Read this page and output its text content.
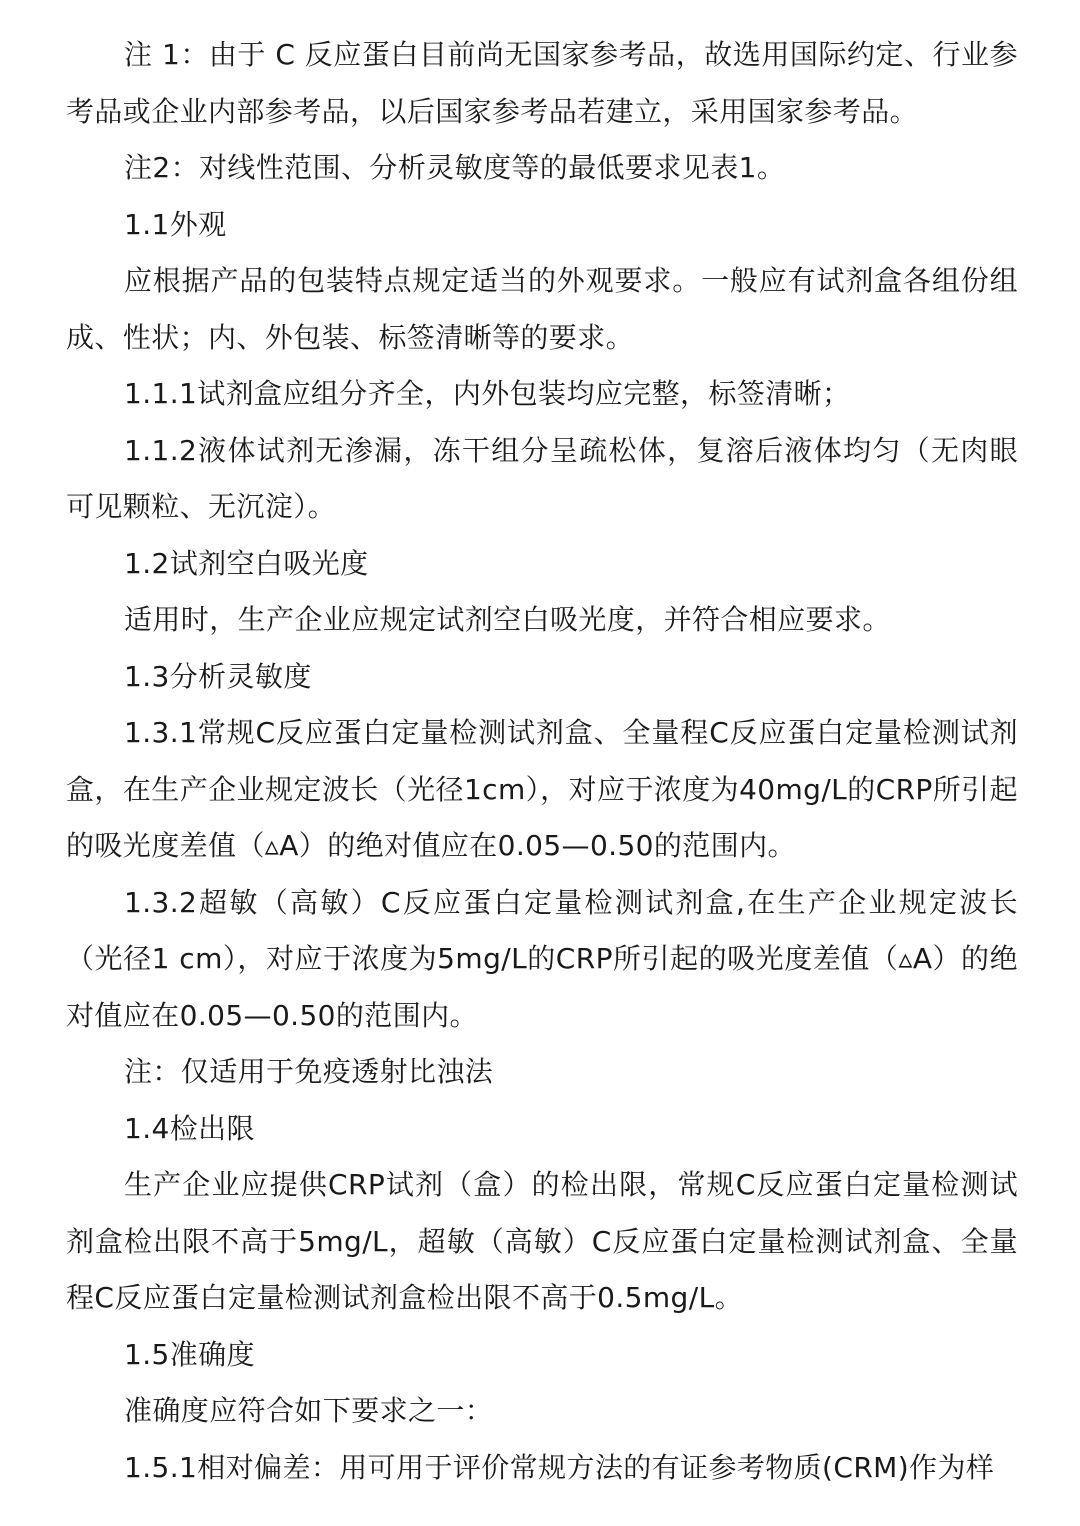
注 1：由于 C 反应蛋白目前尚无国家参考品，故选用国际约定、行业参考品或企业内部参考品，以后国家参考品若建立，采用国家参考品。

注2：对线性范围、分析灵敏度等的最低要求见表1。

1.1外观

应根据产品的包装特点规定适当的外观要求。一般应有试剂盒各组份组成、性状；内、外包装、标签清晰等的要求。

1.1.1试剂盒应组分齐全，内外包装均应完整，标签清晰；

1.1.2液体试剂无渗漏，冻干组分呈疏松体，复溶后液体均匀（无肉眼可见颗粒、无沉淀）。

1.2试剂空白吸光度

适用时，生产企业应规定试剂空白吸光度，并符合相应要求。

1.3分析灵敏度

1.3.1常规C反应蛋白定量检测试剂盒、全量程C反应蛋白定量检测试剂盒，在生产企业规定波长（光径1cm），对应于浓度为40mg/L的CRP所引起的吸光度差值（▵A）的绝对值应在0.05—0.50的范围内。

1.3.2超敏（高敏）C反应蛋白定量检测试剂盒,在生产企业规定波长（光径1 cm），对应于浓度为5mg/L的CRP所引起的吸光度差值（▵A）的绝对值应在0.05—0.50的范围内。

注：仅适用于免疫透射比浊法

1.4检出限

生产企业应提供CRP试剂（盒）的检出限，常规C反应蛋白定量检测试剂盒检出限不高于5mg/L，超敏（高敏）C反应蛋白定量检测试剂盒、全量程C反应蛋白定量检测试剂盒检出限不高于0.5mg/L。

1.5准确度

准确度应符合如下要求之一：

1.5.1相对偏差：用可用于评价常规方法的有证参考物质(CRM)作为样
